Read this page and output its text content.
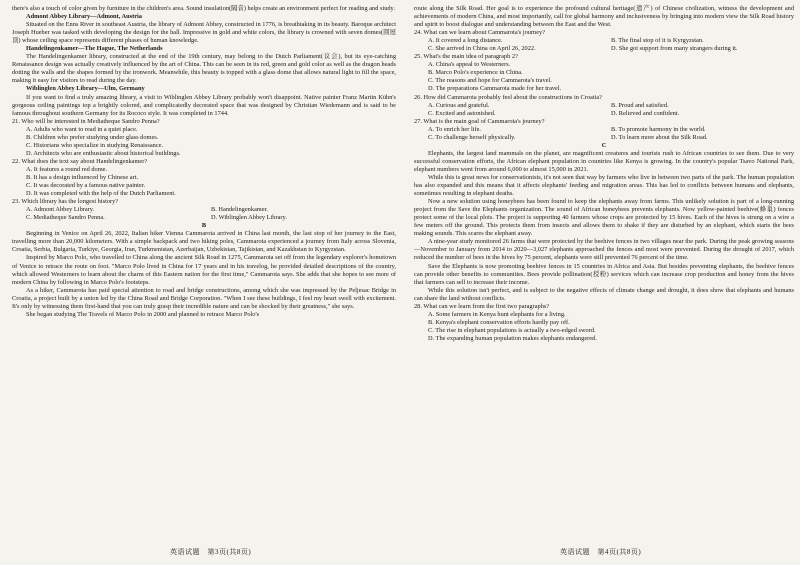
there's also a touch of color given by furniture in the children's area. Sound insulation(隔音) helps create an environment perfect for reading and study.

Admont Abbey Library—Admont, Austria

Situated on the Enns River in southeast Austria, the library of Admont Abbey, constructed in 1776, is breathtaking in its beauty. Baroque architect Joseph Hueber was tasked with developing the design for the hall. Impressive in gold and white colors, the library is crowned with seven domes(圆屋顶) whose ceiling space represents different phases of human knowledge.

Handelingenkamer—The Hague, The Netherlands

The Handelingenkamer library, constructed at the end of the 19th century, may belong to the Dutch Parliament(议会), but its eye-catching Renaissance design was actually creatively influenced by the art of China. This can be seen in its red, green and gold color as well as the dragon heads dotting the walls and the shapes formed by the ironwork. Meanwhile, this beauty is topped with a glass dome that allows natural light to fill the space, making it easy for visitors to read during the day.

Wiblinglen Abbey Library—Ulm, Germany

If you want to find a truly amazing library, a visit to Wiblinglen Abbey Library probably won't disappoint. Native painter Franz Martin Kühn's gorgeous ceiling paintings top a brightly colored, and complicatedly decorated space that was designed by Christian Wiedemann and is said to be famous throughout southern Germany for its Rococo style. It was completed in 1744.

21. Who will be interested in Mediatheque Sandro Penna?

A. Adults who want to read in a quiet place.

B. Children who prefer studying under glass domes.

C. Historians who specialize in studying Renaissance.

D. Architects who are enthusiastic about historical buildings.

22. What does the text say about Handelingenkamer?

A. It features a round red dome.

B. It has a design influenced by Chinese art.

C. It was decorated by a famous native painter.

D. It was completed with the help of the Dutch Parliament.

23. Which library has the longest history?

A. Admont Abbey Library.	B. Handelingenkamer.
C. Mediatheque Sandro Penna.	D. Wiblinglen Abbey Library.

B

Beginning in Venice on April 26, 2022, Italian hiker Vienna Cammarota arrived in China last month, the last stop of her journey to the East, travelling more than 20,000 kilometers. With a simple backpack and two hiking poles, Cammarota experienced a journey from Italy across Slovenia, Croatia, Serbia, Bulgaria, Turkiye, Georgia, Iran, Turkmenistan, Azerbaijan, Uzbekistan, Tajikistan, and Kazakhstan to Kyrgyzstan.

Inspired by Marco Polo, who travelled to China along the ancient Silk Road in 1275, Cammarota set off from the legendary explorer's hometown of Venice to retrace the route on foot. "Marco Polo lived in China for 17 years and in his travelog, he provided detailed descriptions of the country, which allowed Westerners to learn about the charm of this Eastern nation for the first time," Cammarota says. She adds that she hopes to see more of modern China by following in Marco Polo's footsteps.

As a hiker, Cammarota has paid special attention to road and bridge constructions, among which she was impressed by the Peljesac Bridge in Croatia, a project built by a union led by the China Road and Bridge Corporation. "When I see these buildings, I feel my heart swell with excitement. It's only by witnessing them first-hand that you can truly grasp their incredible nature and can be shocked by their greatness," she says.

She began studying The Travels of Marco Polo in 2000 and planned to retrace Marco Polo's

route along the Silk Road. Her goal is to experience the profound cultural heritage(遗产) of Chinese civilization, witness the development and achievements of modern China, and most importantly, call for global harmony and inclusiveness by bringing into modern view the Silk Road history and spirit to boost dialogue and understanding between the East and the West.

24. What can we learn about Cammarota's journey?

A. It covered a long distance.	B. The final stop of it is Kyrgyzstan.
C. She arrived in China on April 26, 2022.	D. She got support from many strangers during it.

25. What's the main idea of paragraph 2?

A. China's appeal to Westerners.

B. Marco Polo's experience in China.

C. The reasons and hope for Cammarota's travel.

D. The preparations Cammarota made for her travel.

26. How did Cammarota probably feel about the constructions in Croatia?

A. Curious and grateful.	B. Proud and satisfied.
C. Excited and astonished.	D. Relieved and confident.

27. What is the main goal of Cammarota's journey?

A. To enrich her life.	B. To promote harmony in the world.
C. To challenge herself physically.	D. To learn more about the Silk Road.

C

Elephants, the largest land mammals on the planet, are magnificent creatures and tourists rush to African countries to see them. Due to very successful conservation efforts, the African elephant population in countries like Kenya is growing. In the country's popular Tsavo National Park, elephant numbers went from around 6,000 to almost 15,000 in 2021.

While this is great news for conservationists, it's not seen that way by farmers who live in between two parts of the park. The human population has also expanded and this means that it affects elephants' feeding and migration areas. This has led to conflicts between humans and elephants, sometimes resulting in elephant deaths.

Now a new solution using honeybees has been found to keep the elephants away from farms. This unlikely solution is part of a long-running project from the Save the Elephants organization. The sound of African honeybees prevents elephants. Now yellow-painted beehive(蜂巢) fences protect some of the local plots. The project is supporting 40 farmers whose crops are protected by 15 hives. Each of the hives is strung on a wire a few meters off the ground. This protects them from insects and allows them to shake if they are disturbed by an elephant, which starts the bees making sounds. This scares the elephant away.

A nine-year study monitored 26 farms that were protected by the beehive fences in two villages near the park. During the peak growing seasons—November to January from 2014 to 2020—3,027 elephants approached the fences and most were prevented. During the drought of 2017, which reduced the number of bees in the hives by 75 percent, elephants were still prevented 76 percent of the time.

Save the Elephants is now promoting beehive fences in 15 countries in Africa and Asia. But besides preventing elephants, the beehive fences can provide other benefits to communities. Bees provide pollination(授粉) services which can increase crop production and honey from the hives that farmers can sell to increase their income.

While this solution isn't perfect, and is subject to the negative effects of climate change and drought, it does show that elephants and humans can share the land without conflicts.

28. What can we learn from the first two paragraphs?

A. Some farmers in Kenya hunt elephants for a living.

B. Kenya's elephant conservation efforts hardly pay off.

C. The rise in elephant populations is actually a two-edged sword.

D. The expanding human population makes elephants endangered.

英语试题　第3页(共8页)	英语试题　第4页(共8页)
